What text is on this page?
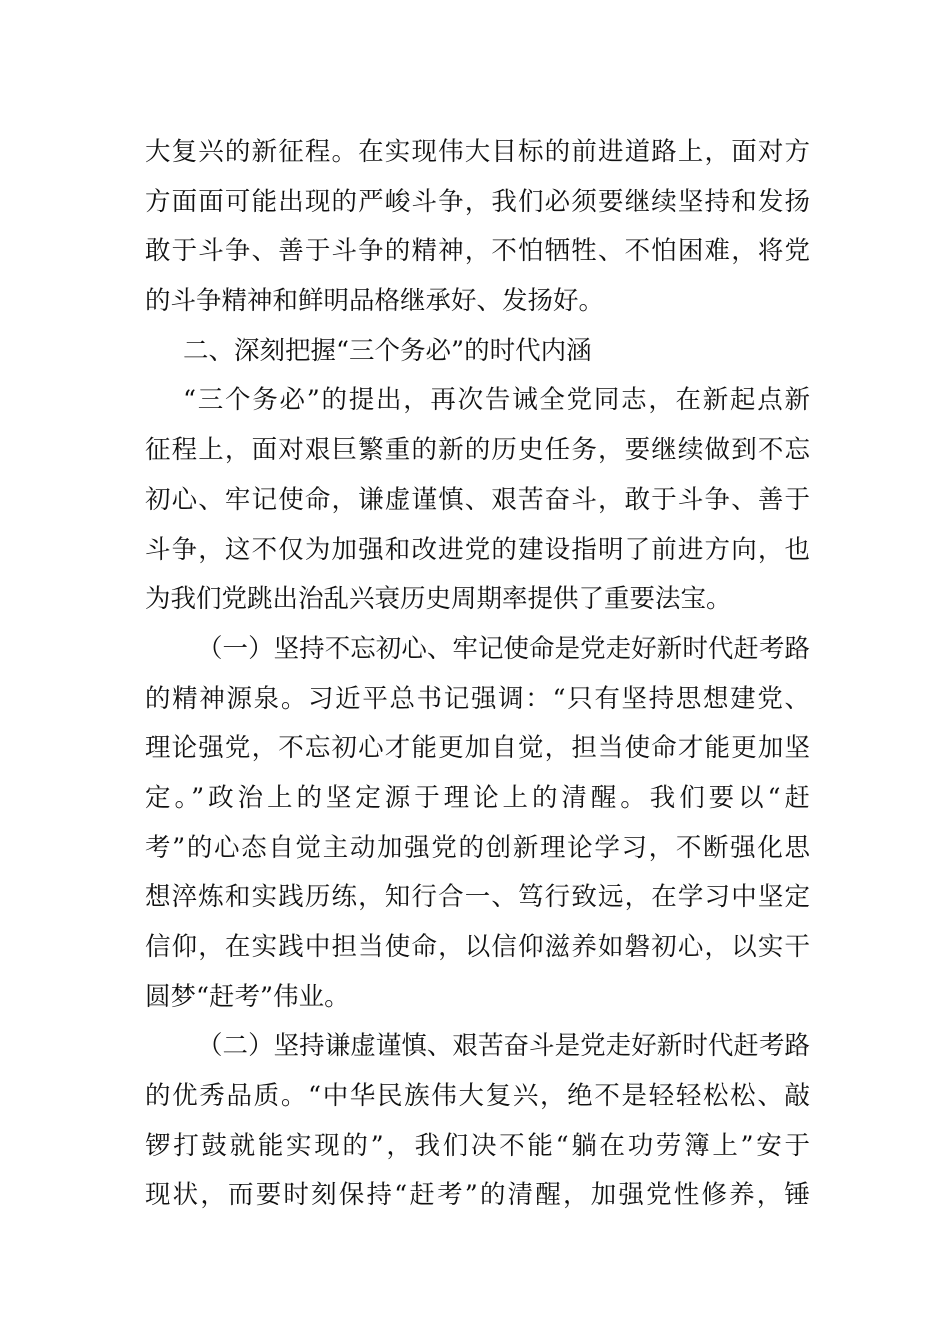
大复兴的新征程。在实现伟大目标的前进道路上，面对方
方面面可能出现的严峻斗争，我们必须要继续坚持和发扬
敢于斗争、善于斗争的精神，不怕牺牲、不怕困难，将党
的斗争精神和鲜明品格继承好、发扬好。
二、深刻把握“三个务必”的时代内涵
“三个务必”的提出，再次告诫全党同志，在新起点新
征程上，面对艰巨繁重的新的历史任务，要继续做到不忘
初心、牢记使命，谦虚谨慎、艰苦奋斗，敢于斗争、善于
斗争，这不仅为加强和改进党的建设指明了前进方向，也
为我们党跳出治乱兴衰历史周期率提供了重要法宝。
（一）坚持不忘初心、牢记使命是党走好新时代赶考路
的精神源泉。习近平总书记强调：“只有坚持思想建党、
理论强党，不忘初心才能更加自觉，担当使命才能更加坚
定。”政治上的坚定源于理论上的清醒。我们要以“赶
考”的心态自觉主动加强党的创新理论学习，不断强化思
想淬炼和实践历练，知行合一、笃行致远，在学习中坚定
信仰，在实践中担当使命，以信仰滋养如磐初心，以实干
圆梦“赶考”伟业。
（二）坚持谦虚谨慎、艰苦奋斗是党走好新时代赶考路
的优秀品质。“中华民族伟大复兴，绝不是轻轻松松、敲
锣打鼓就能实现的”，我们决不能“躺在功劳簿上”安于
现状，而要时刻保持“赶考”的清醒，加强党性修养，锤
